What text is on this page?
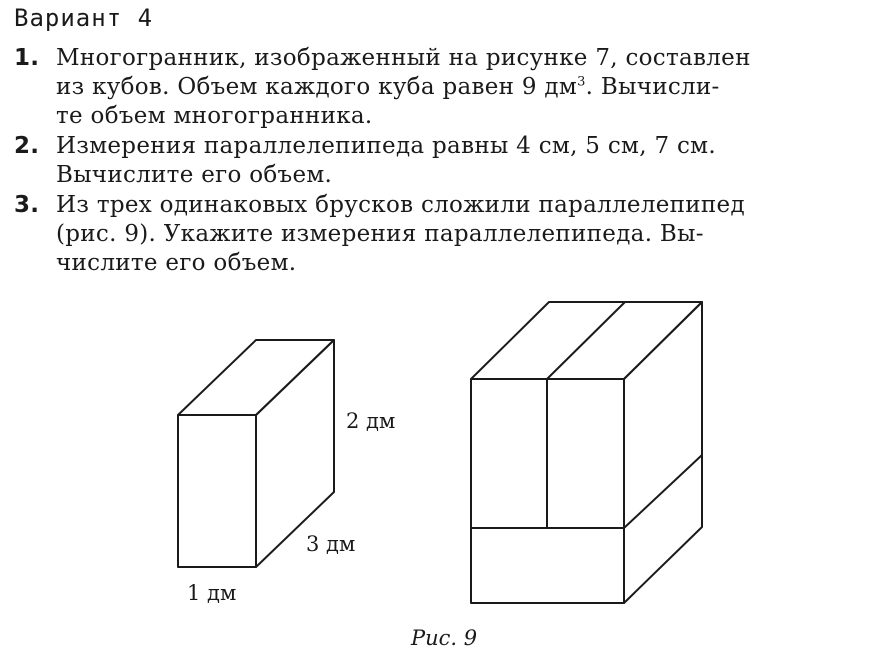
Вариант 4
1. Многогранник, изображенный на рисунке 7, составлен
из кубов. Объем каждого куба равен 9 $дм^3$. Вычисли-
те объем многогранника.
2. Измерения параллелепипеда равны 4 см, 5 см, 7 см.
Вычислите его объем.
3. Из трех одинаковых брусков сложили параллелепипед
(рис. 9). Укажите измерения параллелепипеда. Вы-
числите его объем.
2 дм
3 дм
1 дм
Рис. 9
